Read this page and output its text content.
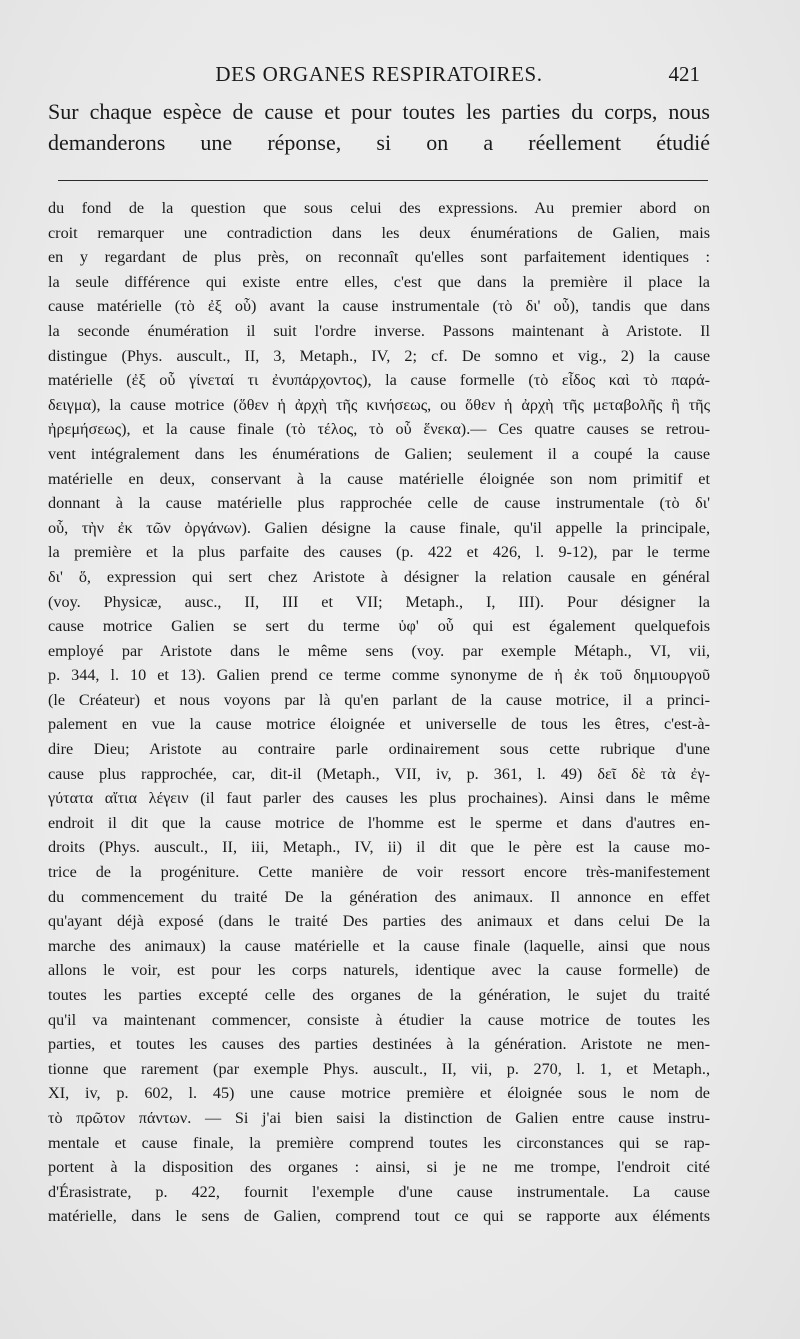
DES ORGANES RESPIRATOIRES.	421

Sur chaque espèce de cause et pour toutes les parties du corps, nous demanderons une réponse, si on a réellement étudié

du fond de la question que sous celui des expressions. Au premier abord on
croit remarquer une contradiction dans les deux énumérations de Galien, mais
en y regardant de plus près, on reconnaît qu'elles sont parfaitement identiques :
la seule différence qui existe entre elles, c'est que dans la première il place la
cause matérielle (τὸ ἐξ οὗ) avant la cause instrumentale (τὸ δι' οὗ), tandis que dans
la seconde énumération il suit l'ordre inverse. Passons maintenant à Aristote. Il
distingue (Phys. auscult., II, 3, Metaph., IV, 2; cf. De somno et vig., 2) la cause
matérielle (ἐξ οὗ γίνεταί τι ἐνυπάρχοντος), la cause formelle (τὸ εἶδος καὶ τὸ παρά-
δειγμα), la cause motrice (ὅθεν ἡ ἀρχὴ τῆς κινήσεως, ou ὅθεν ἡ ἀρχὴ τῆς μεταβολῆς ἢ τῆς
ἠρεμήσεως), et la cause finale (τὸ τέλος, τὸ οὗ ἕνεκα).— Ces quatre causes se retrou-
vent intégralement dans les énumérations de Galien; seulement il a coupé la cause
matérielle en deux, conservant à la cause matérielle éloignée son nom primitif et
donnant à la cause matérielle plus rapprochée celle de cause instrumentale (τὸ δι'
οὗ, τὴν ἐκ τῶν ὀργάνων). Galien désigne la cause finale, qu'il appelle la principale,
la première et la plus parfaite des causes (p. 422 et 426, l. 9-12), par le terme
δι' ὅ, expression qui sert chez Aristote à désigner la relation causale en général
(voy. Physicæ, ausc., II, III et VII; Metaph., I, III). Pour désigner la
cause motrice Galien se sert du terme ὑφ' οὗ qui est également quelquefois
employé par Aristote dans le même sens (voy. par exemple Métaph., VI, vii,
p. 344, l. 10 et 13). Galien prend ce terme comme synonyme de ἡ ἐκ τοῦ δημιουργοῦ
(le Créateur) et nous voyons par là qu'en parlant de la cause motrice, il a princi-
palement en vue la cause motrice éloignée et universelle de tous les êtres, c'est-à-
dire Dieu; Aristote au contraire parle ordinairement sous cette rubrique d'une
cause plus rapprochée, car, dit-il (Metaph., VII, iv, p. 361, l. 49) δεῖ δὲ τὰ ἐγ-
γύτατα αἴτια λέγειν (il faut parler des causes les plus prochaines). Ainsi dans le même
endroit il dit que la cause motrice de l'homme est le sperme et dans d'autres en-
droits (Phys. auscult., II, iii, Metaph., IV, ii) il dit que le père est la cause mo-
trice de la progéniture. Cette manière de voir ressort encore très-manifestement
du commencement du traité De la génération des animaux. Il annonce en effet
qu'ayant déjà exposé (dans le traité Des parties des animaux et dans celui De la
marche des animaux) la cause matérielle et la cause finale (laquelle, ainsi que nous
allons le voir, est pour les corps naturels, identique avec la cause formelle) de
toutes les parties excepté celle des organes de la génération, le sujet du traité
qu'il va maintenant commencer, consiste à étudier la cause motrice de toutes les
parties, et toutes les causes des parties destinées à la génération. Aristote ne men-
tionne que rarement (par exemple Phys. auscult., II, vii, p. 270, l. 1, et Metaph.,
XI, iv, p. 602, l. 45) une cause motrice première et éloignée sous le nom de
τὸ πρῶτον πάντων. — Si j'ai bien saisi la distinction de Galien entre cause instru-
mentale et cause finale, la première comprend toutes les circonstances qui se rap-
portent à la disposition des organes : ainsi, si je ne me trompe, l'endroit cité
d'Érasistrate, p. 422, fournit l'exemple d'une cause instrumentale. La cause
matérielle, dans le sens de Galien, comprend tout ce qui se rapporte aux éléments
